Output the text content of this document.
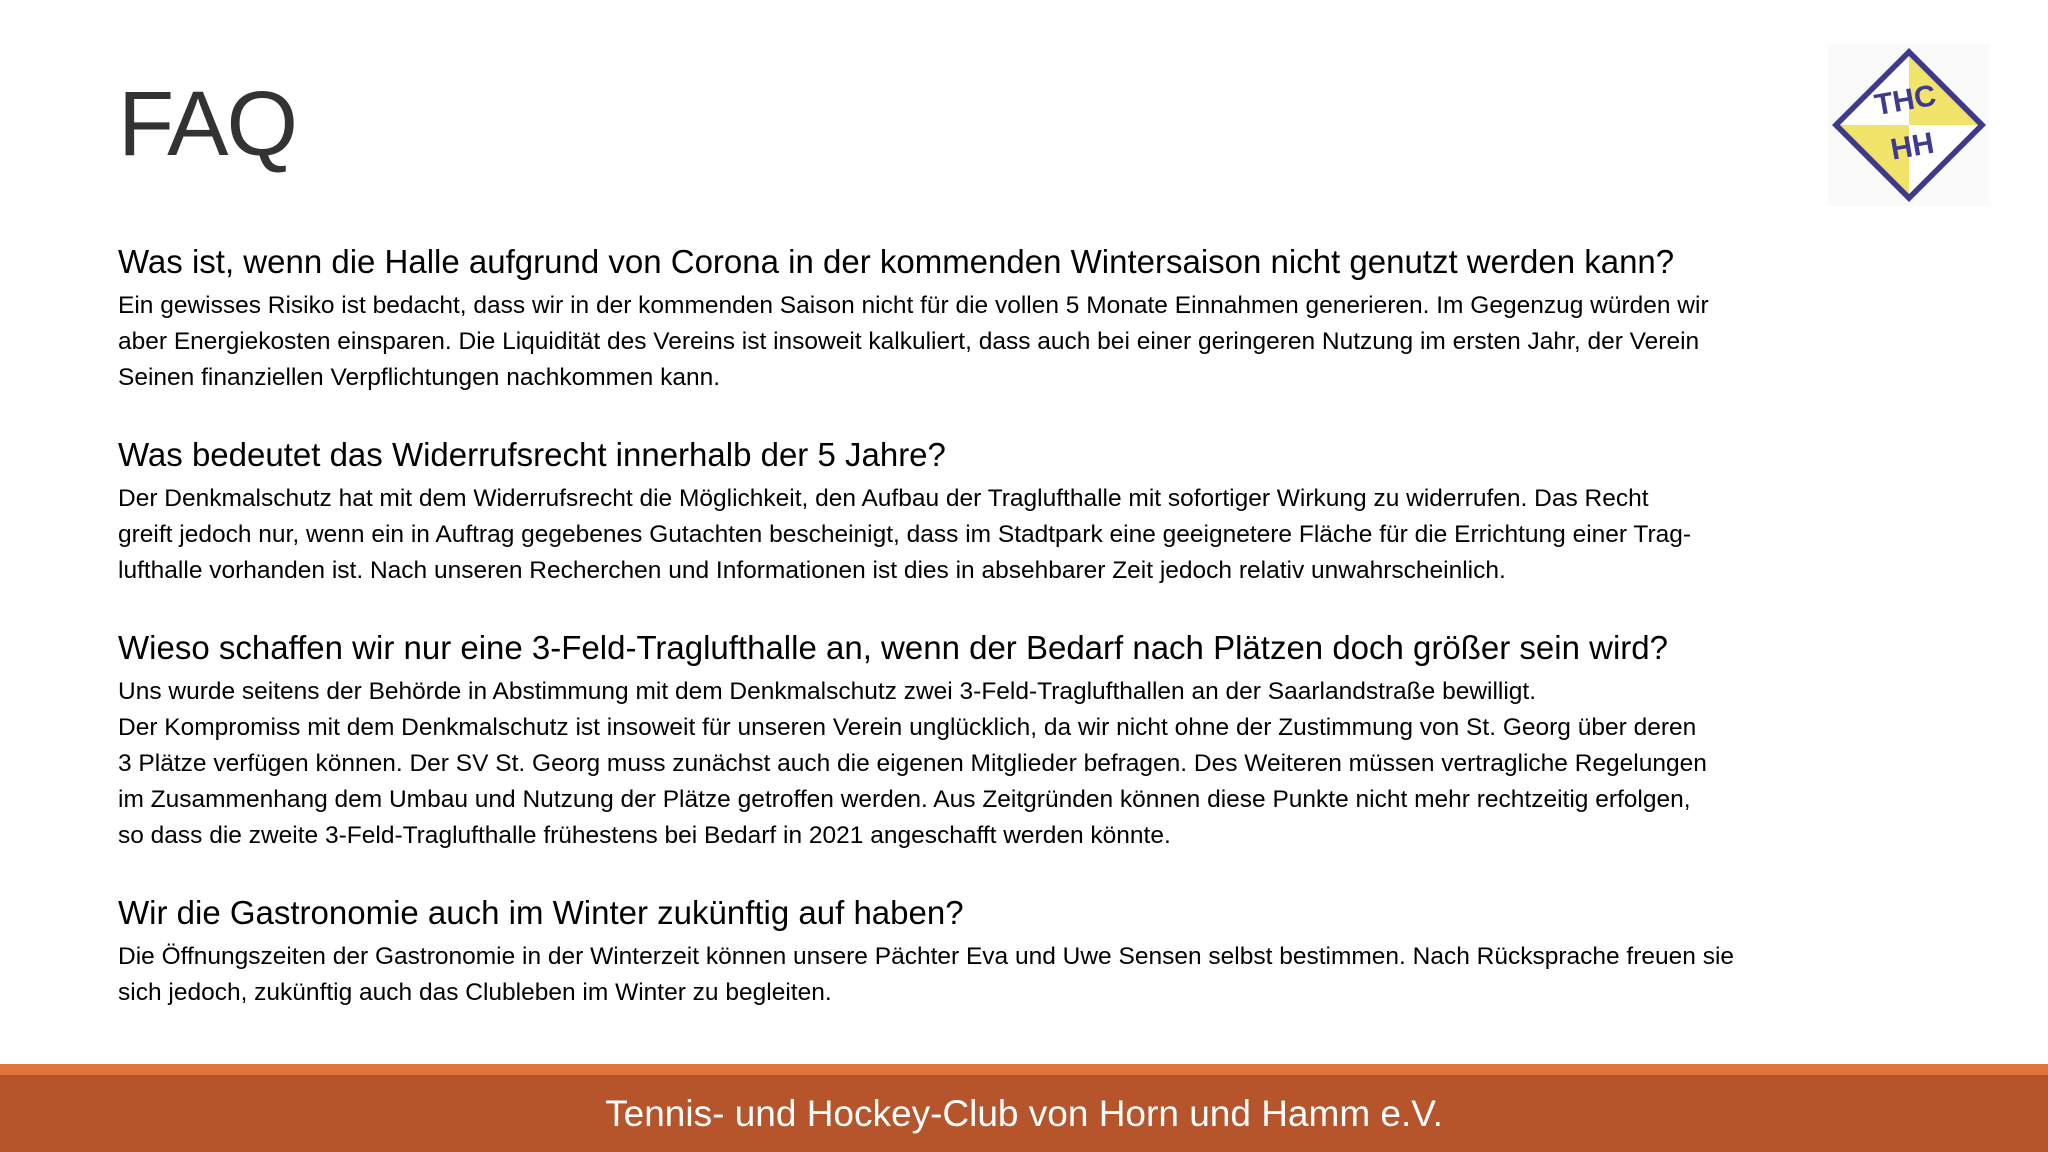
FAQ	THC
HH
Was ist, wenn die Halle aufgrund von Corona in der kommenden Wintersaison nicht genutzt werden kann?

Ein gewisses Risiko ist bedacht, dass wir in der kommenden Saison nicht für die vollen 5 Monate Einnahmen generieren. Im Gegenzug würden wir
aber Energiekosten einsparen. Die Liquidität des Vereins ist insoweit kalkuliert, dass auch bei einer geringeren Nutzung im ersten Jahr, der Verein
Seinen finanziellen Verpflichtungen nachkommen kann.

Was bedeutet das Widerrufsrecht innerhalb der 5 Jahre?

Der Denkmalschutz hat mit dem Widerrufsrecht die Möglichkeit, den Aufbau der Traglufthalle mit sofortiger Wirkung zu widerrufen. Das Recht
greift jedoch nur, wenn ein in Auftrag gegebenes Gutachten bescheinigt, dass im Stadtpark eine geeignetere Fläche für die Errichtung einer Trag-
lufthalle vorhanden ist. Nach unseren Recherchen und Informationen ist dies in absehbarer Zeit jedoch relativ unwahrscheinlich.

Wieso schaffen wir nur eine 3-Feld-Traglufthalle an, wenn der Bedarf nach Plätzen doch größer sein wird?

Uns wurde seitens der Behörde in Abstimmung mit dem Denkmalschutz zwei 3-Feld-Traglufthallen an der Saarlandstraße bewilligt.
Der Kompromiss mit dem Denkmalschutz ist insoweit für unseren Verein unglücklich, da wir nicht ohne der Zustimmung von St. Georg über deren
3 Plätze verfügen können. Der SV St. Georg muss zunächst auch die eigenen Mitglieder befragen. Des Weiteren müssen vertragliche Regelungen
im Zusammenhang dem Umbau und Nutzung der Plätze getroffen werden. Aus Zeitgründen können diese Punkte nicht mehr rechtzeitig erfolgen,
so dass die zweite 3-Feld-Traglufthalle frühestens bei Bedarf in 2021 angeschafft werden könnte.

Wir die Gastronomie auch im Winter zukünftig auf haben?

Die Öffnungszeiten der Gastronomie in der Winterzeit können unsere Pächter Eva und Uwe Sensen selbst bestimmen. Nach Rücksprache freuen sie
sich jedoch, zukünftig auch das Clubleben im Winter zu begleiten.

Tennis- und Hockey-Club von Horn und Hamm e.V.
